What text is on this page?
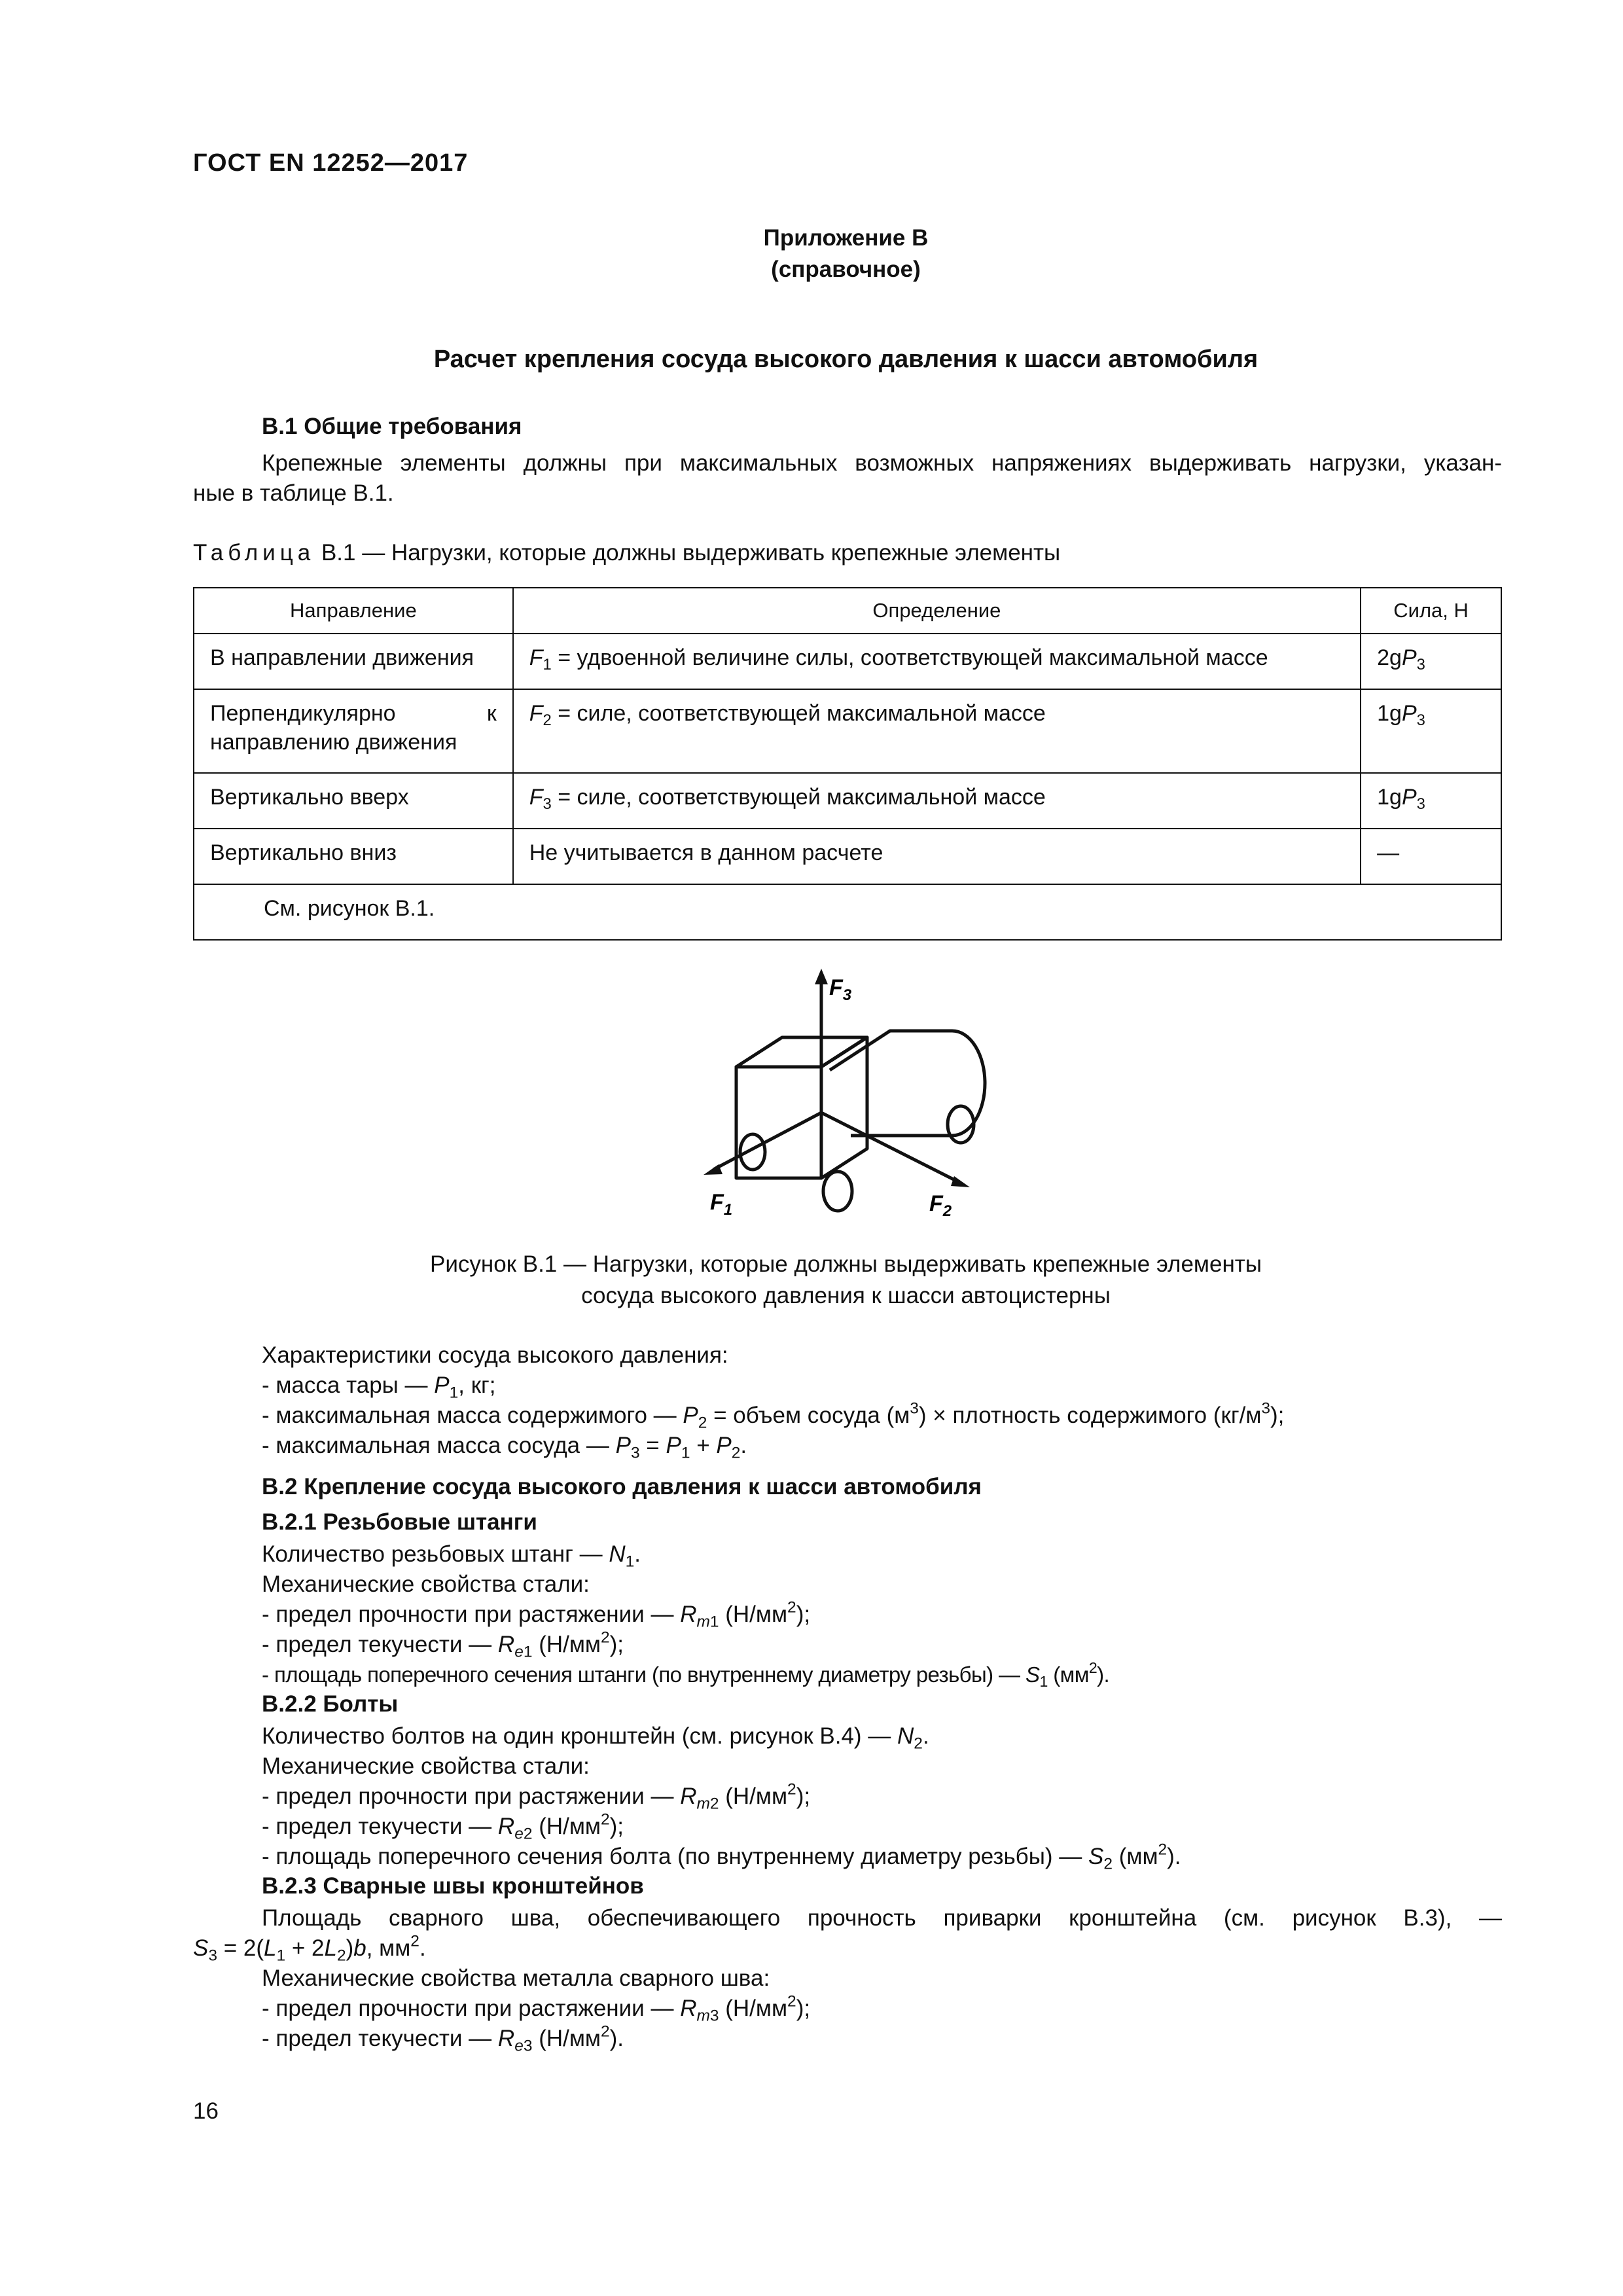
ГОСТ EN 12252—2017
Приложение В
(справочное)
Расчет крепления сосуда высокого давления к шасси автомобиля
В.1 Общие требования
Крепежные элементы должны при максимальных возможных напряжениях выдерживать нагрузки, указан-
ные в таблице В.1.
Таблица В.1 — Нагрузки, которые должны выдерживать крепежные элементы
Направление	Определение	Сила, Н
В направлении движения	$F_1$ = удвоенной величине силы, соответствующей максимальной массе	$2gP_3$
Перпендикулярно к направлению движения	$F_2$ = силе, соответствующей максимальной массе	$1gP_3$
Вертикально вверх	$F_3$ = силе, соответствующей максимальной массе	$1gP_3$
Вертикально вниз	Не учитывается в данном расчете	—
См. рисунок В.1.		
$F_3$
$F_1$	$F_2$
Рисунок В.1 — Нагрузки, которые должны выдерживать крепежные элементы
сосуда высокого давления к шасси автоцистерны
Характеристики сосуда высокого давления:
- масса тары — $P_1$, кг;
- максимальная масса содержимого — $P_2$ = объем сосуда $(м^3)$ × плотность содержимого $(кг/м^3)$;
- максимальная масса сосуда — $P_3 = P_1 + P_2$.
В.2 Крепление сосуда высокого давления к шасси автомобиля
В.2.1 Резьбовые штанги
Количество резьбовых штанг — $N_1$.
Механические свойства стали:
- предел прочности при растяжении — $R_{m1}$ $(Н/мм^2)$;
- предел текучести — $R_{e1}$ $(Н/мм^2)$;
- площадь поперечного сечения штанги (по внутреннему диаметру резьбы) — $S_1$ $(мм^2)$.
В.2.2 Болты
Количество болтов на один кронштейн (см. рисунок В.4) — $N_2$.
Механические свойства стали:
- предел прочности при растяжении — $R_{m2}$ $(Н/мм^2)$;
- предел текучести — $R_{e2}$ $(Н/мм^2)$;
- площадь поперечного сечения болта (по внутреннему диаметру резьбы) — $S_2$ $(мм^2)$.
В.2.3 Сварные швы кронштейнов
Площадь сварного шва, обеспечивающего прочность приварки кронштейна (см. рисунок В.3), —
$S_3 = 2(L_1 + 2L_2)b$, $мм^2$.
Механические свойства металла сварного шва:
- предел прочности при растяжении — $R_{m3}$ $(Н/мм^2)$;
- предел текучести — $R_{e3}$ $(Н/мм^2)$.
16
